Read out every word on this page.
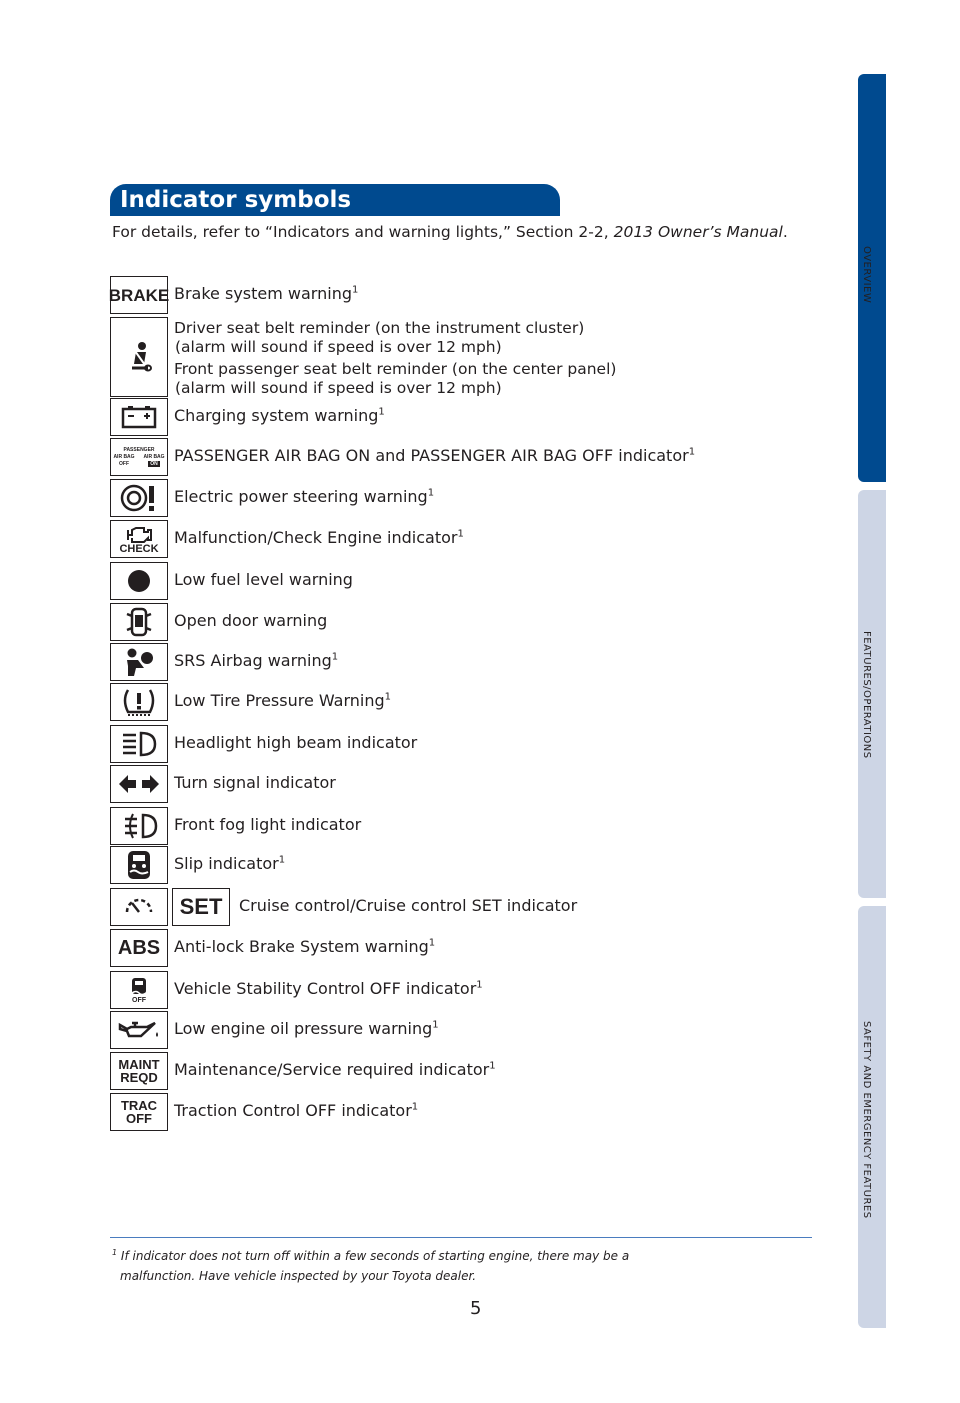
OVERVIEW
FEATURES/OPERATIONS
SAFETY AND EMERGENCY FEATURES
Indicator symbols
For details, refer to “Indicators and warning lights,” Section 2-2, 2013 Owner’s Manual.
BRAKE Brake system warning$^1$
Driver seat belt reminder (on the instrument cluster)
(alarm will sound if speed is over 12 mph)
Front passenger seat belt reminder (on the center panel)
(alarm will sound if speed is over 12 mph)
Charging system warning$^1$
PASSENGER
AIR BAG OFF
AIR BAG
ON	PASSENGER AIR BAG ON and PASSENGER AIR BAG OFF indicator$^1$
Electric power steering warning$^1$
CHECK
Malfunction/Check Engine indicator$^1$
Low fuel level warning
Open door warning
SRS Airbag warning$^1$
Low Tire Pressure Warning$^1$
Headlight high beam indicator
Turn signal indicator
Front fog light indicator
Slip indicator$^1$
SET Cruise control/Cruise control SET indicator
ABS Anti-lock Brake System warning$^1$
OFF
Vehicle Stability Control OFF indicator$^1$
Low engine oil pressure warning$^1$
MAINT
REQD Maintenance/Service required indicator$^1$
TRAC
OFF Traction Control OFF indicator$^1$
$^1$ If indicator does not turn off within a few seconds of starting engine, there may be a
malfunction. Have vehicle inspected by your Toyota dealer.
5
